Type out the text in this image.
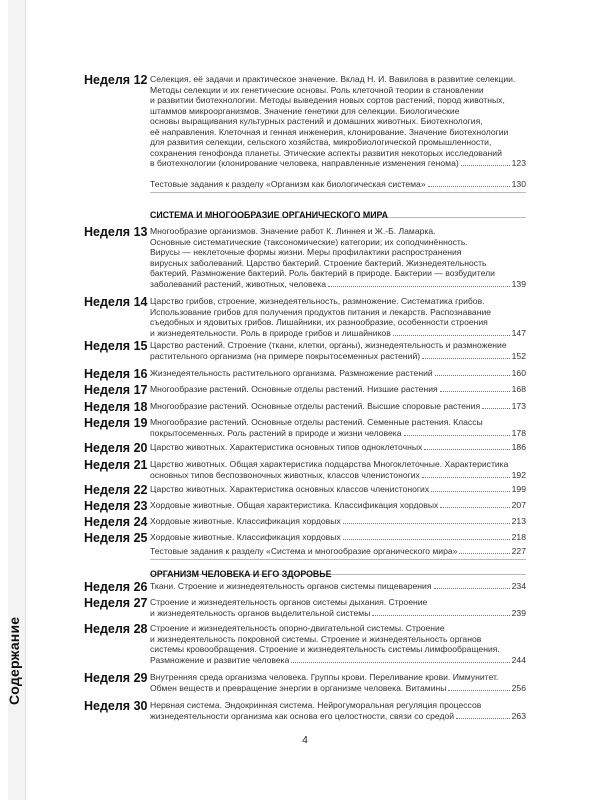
Содержание
Неделя 12 Селекция, её задачи и практическое значение. Вклад Н. И. Вавилова в развитие селекции.
Методы селекции и их генетические основы. Роль клеточной теории в становлении
и развитии биотехнологии. Методы выведения новых сортов растений, пород животных,
штаммов микроорганизмов. Значение генетики для селекции. Биологические
основы выращивания культурных растений и домашних животных. Биотехнология,
её направления. Клеточная и генная инженерия, клонирование. Значение биотехнологии
для развития селекции, сельского хозяйства, микробиологической промышленности,
сохранения генофонда планеты. Этические аспекты развития некоторых исследований
в биотехнологии (клонирование человека, направленные изменения генома)	123
Тестовые задания к разделу «Организм как биологическая система»	130
СИСТЕМА И МНОГООБРАЗИЕ ОРГАНИЧЕСКОГО МИРА
Неделя 13 Многообразие организмов. Значение работ К. Линнея и Ж.-Б. Ламарка.
Основные систематические (таксономические) категории; их соподчинённость.
Вирусы — неклеточные формы жизни. Меры профилактики распространения
вирусных заболеваний. Царство бактерий. Строение бактерий. Жизнедеятельность
бактерий. Размножение бактерий. Роль бактерий в природе. Бактерии — возбудители
заболеваний растений, животных, человека	139
Неделя 14 Царство грибов, строение, жизнедеятельность, размножение. Систематика грибов.
Использование грибов для получения продуктов питания и лекарств. Распознавание
съедобных и ядовитых грибов. Лишайники, их разнообразие, особенности строения
и жизнедеятельности. Роль в природе грибов и лишайников	147
Неделя 15 Царство растений. Строение (ткани, клетки, органы), жизнедеятельность и размножение
растительного организма (на примере покрытосеменных растений)	152
Неделя 16 Жизнедеятельность растительного организма. Размножение растений	160
Неделя 17 Многообразие растений. Основные отделы растений. Низшие растения	168
Неделя 18 Многообразие растений. Основные отделы растений. Высшие споровые растения	173
Неделя 19 Многообразие растений. Основные отделы растений. Семенные растения. Классы
покрытосеменных. Роль растений в природе и жизни человека	178
Неделя 20 Царство животных. Характеристика основных типов одноклеточных	186
Неделя 21 Царство животных. Общая характеристика подцарства Многоклеточные. Характеристика
основных типов беспозвоночных животных, классов членистоногих	192
Неделя 22 Царство животных. Характеристика основных классов членистоногих	199
Неделя 23 Хордовые животные. Общая характеристика. Классификация хордовых	207
Неделя 24 Хордовые животные. Классификация хордовых	213
Неделя 25 Хордовые животные. Классификация хордовых	218
Тестовые задания к разделу «Система и многообразие органического мира»	227
ОРГАНИЗМ ЧЕЛОВЕКА И ЕГО ЗДОРОВЬЕ
Неделя 26 Ткани. Строение и жизнедеятельность органов системы пищеварения	234
Неделя 27 Строение и жизнедеятельность органов системы дыхания. Строение
и жизнедеятельность органов выделительной системы	239
Неделя 28 Строение и жизнедеятельность опорно-двигательной системы. Строение
и жизнедеятельность покровной системы. Строение и жизнедеятельность органов
системы кровообращения. Строение и жизнедеятельность системы лимфообращения.
Размножение и развитие человека	244
Неделя 29 Внутренняя среда организма человека. Группы крови. Переливание крови. Иммунитет.
Обмен веществ и превращение энергии в организме человека. Витамины	256
Неделя 30 Нервная система. Эндокринная система. Нейрогуморальная регуляция процессов
жизнедеятельности организма как основа его целостности, связи со средой	263
4
